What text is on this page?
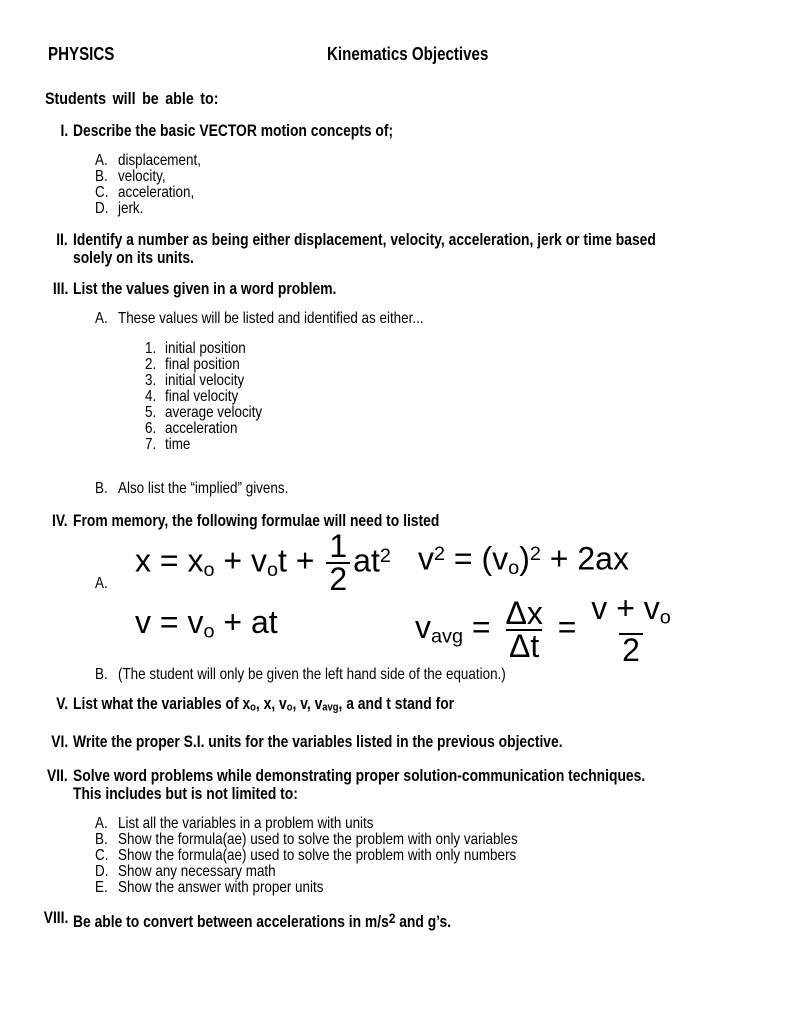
PHYSICS	Kinematics Objectives

Students will be able to:

I. Describe the basic VECTOR motion concepts of;
A. displacement,
B. velocity,
C. acceleration,
D. jerk.
II. Identify a number as being either displacement, velocity, acceleration, jerk or time based
solely on its units.
III. List the values given in a word problem.
A. These values will be listed and identified as either...
1. initial position
2. final position
3. initial velocity
4. final velocity
5. average velocity
6. acceleration
7. time
B. Also list the “implied” givens.
IV. From memory, the following formulae will need to listed
A.
x = xo + vot + $\frac{1}{2} at^2$
v = vo + at
$v^2 = (vo)^2 + 2ax$
vavg = $\frac{\Delta x}{\Delta t} = \frac{v + vo}{2}$
B. (The student will only be given the left hand side of the equation.)
V. List what the variables of xo, x, vo, v, vavg, a and t stand for
VI. Write the proper S.I. units for the variables listed in the previous objective.
VII. Solve word problems while demonstrating proper solution-communication techniques.
This includes but is not limited to:
A. List all the variables in a problem with units
B. Show the formula(ae) used to solve the problem with only variables
C. Show the formula(ae) used to solve the problem with only numbers
D. Show any necessary math
E. Show the answer with proper units
VIII. Be able to convert between accelerations in $m/s^2$ and g’s.
